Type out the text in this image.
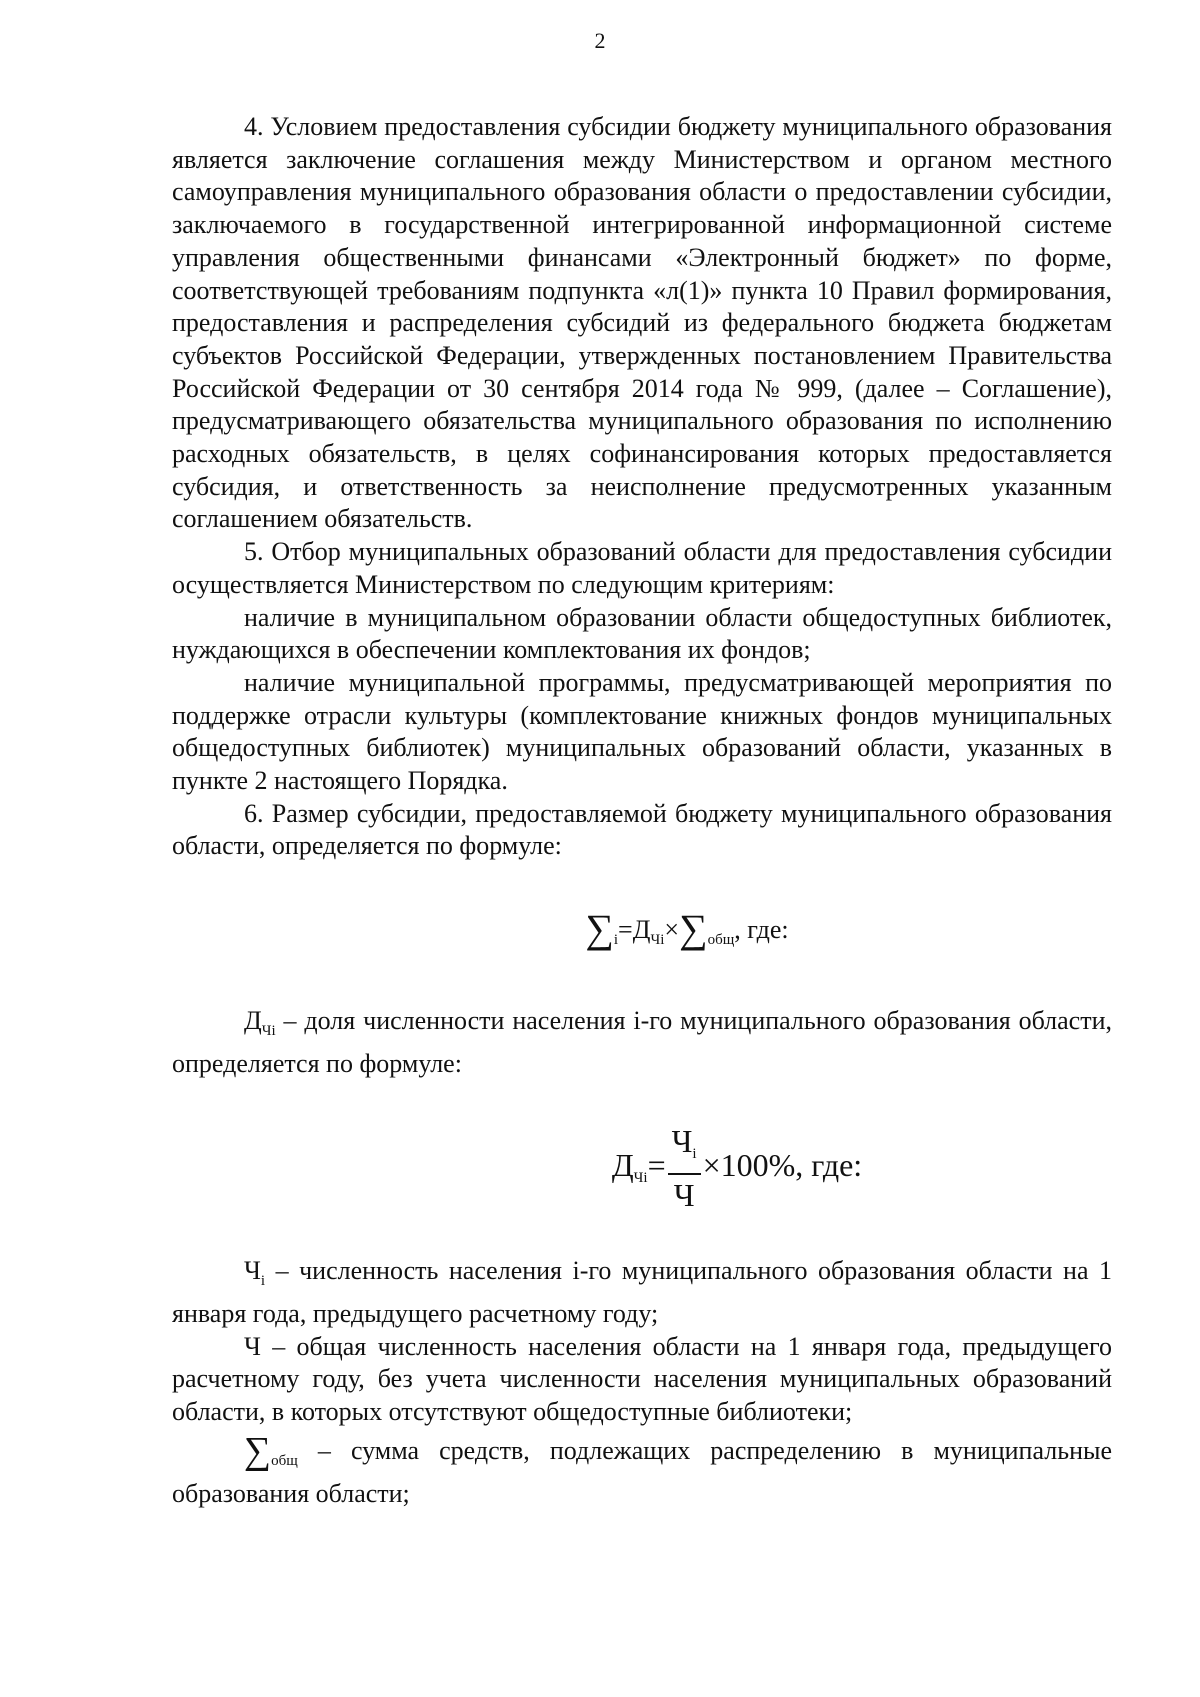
2

4. Условием предоставления субсидии бюджету муниципального образования является заключение соглашения между Министерством и органом местного самоуправления муниципального образования области о предоставлении субсидии, заключаемого в государственной интегрированной информационной системе управления общественными финансами «Электронный бюджет» по форме, соответствующей требованиям подпункта «л(1)» пункта 10 Правил формирования, предоставления и распределения субсидий из федерального бюджета бюджетам субъектов Российской Федерации, утвержденных постановлением Правительства Российской Федерации от 30 сентября 2014 года № 999, (далее – Соглашение), предусматривающего обязательства муниципального образования по исполнению расходных обязательств, в целях софинансирования которых предоставляется субсидия, и ответственность за неисполнение предусмотренных указанным соглашением обязательств.

5. Отбор муниципальных образований области для предоставления субсидии осуществляется Министерством по следующим критериям:

наличие в муниципальном образовании области общедоступных библиотек, нуждающихся в обеспечении комплектования их фондов;

наличие муниципальной программы, предусматривающей мероприятия по поддержке отрасли культуры (комплектование книжных фондов муниципальных общедоступных библиотек) муниципальных образований области, указанных в пункте 2 настоящего Порядка.

6. Размер субсидии, предоставляемой бюджету муниципального образования области, определяется по формуле:

$\sum_i=Д_{Чi}\times\sum_{общ}$, где:

$Д_{Чi}$ – доля численности населения i-го муниципального образования области, определяется по формуле:

$Д_{Чi}= \frac{Ч_i}{Ч} \times 100\%$, где:

$Ч_i$ – численность населения i-го муниципального образования области на 1 января года, предыдущего расчетному году;

Ч – общая численность населения области на 1 января года, предыдущего расчетному году, без учета численности населения муниципальных образований области, в которых отсутствуют общедоступные библиотеки;

$\sum_{общ}$ – сумма средств, подлежащих распределению в муниципальные образования области;
